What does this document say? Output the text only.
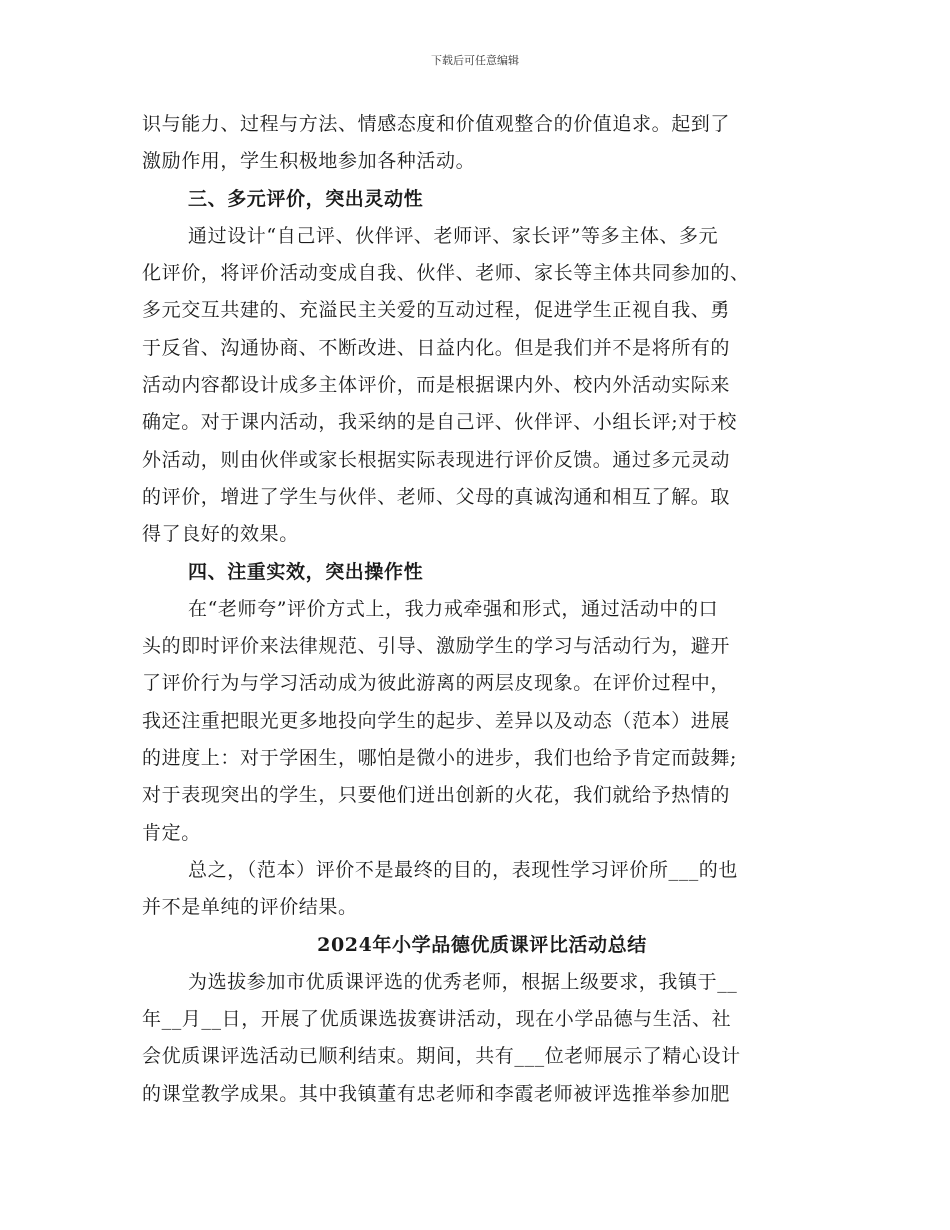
下载后可任意编辑
识与能力、过程与方法、情感态度和价值观整合的价值追求。起到了
激励作用，学生积极地参加各种活动。
三、多元评价，突出灵动性
通过设计“自己评、伙伴评、老师评、家长评”等多主体、多元
化评价，将评价活动变成自我、伙伴、老师、家长等主体共同参加的、
多元交互共建的、充溢民主关爱的互动过程，促进学生正视自我、勇
于反省、沟通协商、不断改进、日益内化。但是我们并不是将所有的
活动内容都设计成多主体评价，而是根据课内外、校内外活动实际来
确定。对于课内活动，我采纳的是自己评、伙伴评、小组长评;对于校
外活动，则由伙伴或家长根据实际表现进行评价反馈。通过多元灵动
的评价，增进了学生与伙伴、老师、父母的真诚沟通和相互了解。取
得了良好的效果。
四、注重实效，突出操作性
在“老师夸”评价方式上，我力戒牵强和形式，通过活动中的口
头的即时评价来法律规范、引导、激励学生的学习与活动行为，避开
了评价行为与学习活动成为彼此游离的两层皮现象。在评价过程中，
我还注重把眼光更多地投向学生的起步、差异以及动态（范本）进展
的进度上：对于学困生，哪怕是微小的进步，我们也给予肯定而鼓舞;
对于表现突出的学生，只要他们迸出创新的火花，我们就给予热情的
肯定。
总之，（范本）评价不是最终的目的，表现性学习评价所___的也
并不是单纯的评价结果。
2024年小学品德优质课评比活动总结
为选拔参加市优质课评选的优秀老师，根据上级要求，我镇于__
年__月__日，开展了优质课选拔赛讲活动，现在小学品德与生活、社
会优质课评选活动已顺利结束。期间，共有___位老师展示了精心设计
的课堂教学成果。其中我镇董有忠老师和李霞老师被评选推举参加肥
